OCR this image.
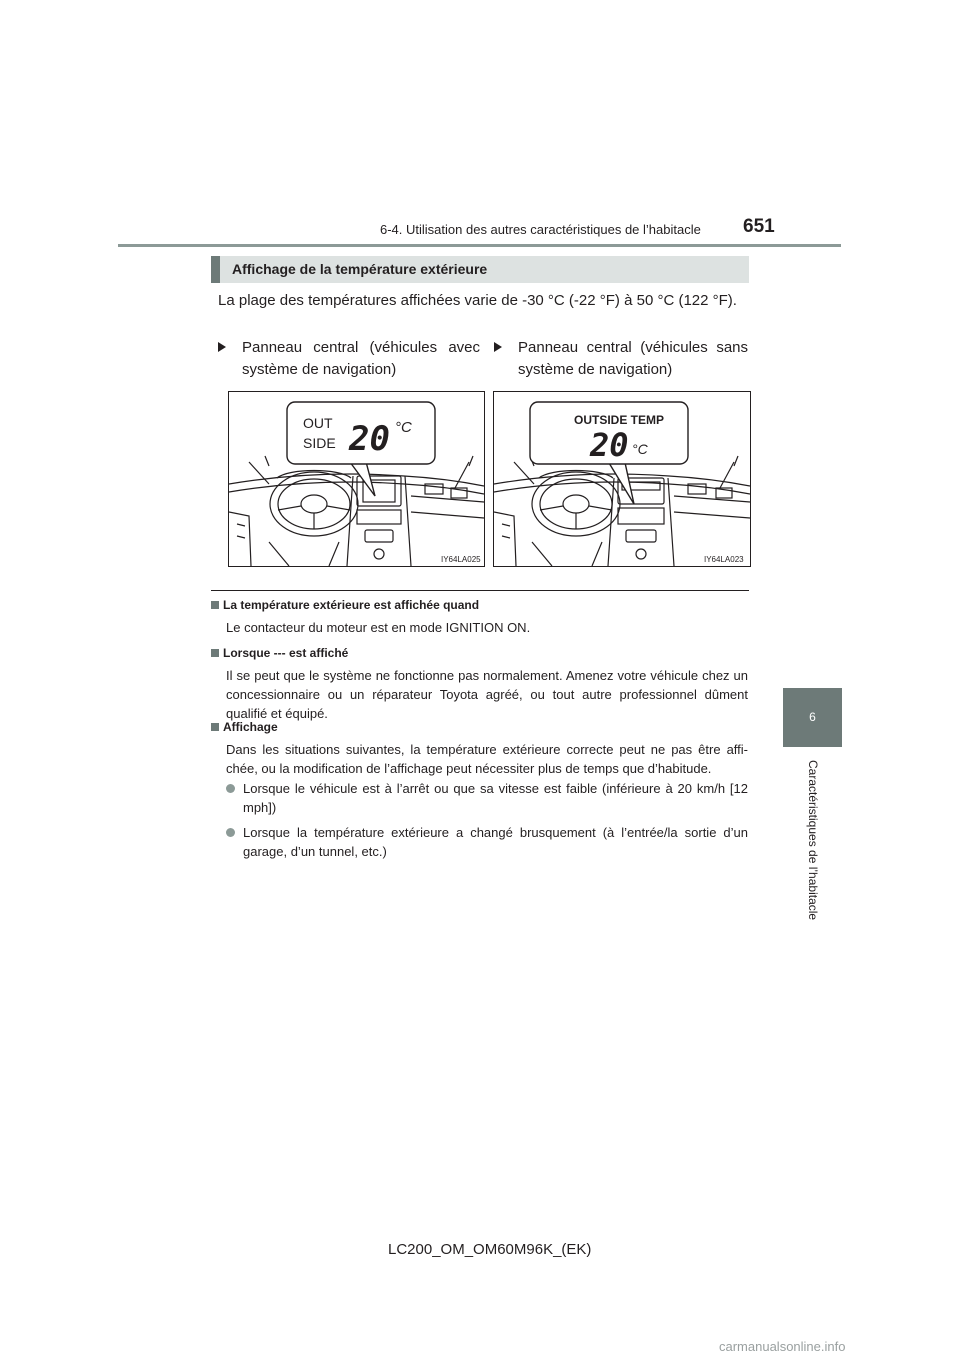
6-4. Utilisation des autres caractéristiques de l’habitacle 651
6
Caractéristiques de l’habitacle
Affichage de la température extérieure
La plage des températures affichées varie de -30 °C (-22 °F) à 50 °C (122 °F).
Panneau central (véhicules avec système de navigation)
Panneau central (véhicules sans système de navigation)
OUT
SIDE 20 °C
IY64LA025
OUTSIDE TEMP
20 °C
IY64LA023
La température extérieure est affichée quand
Le contacteur du moteur est en mode IGNITION ON.
Lorsque --- est affiché
Il se peut que le système ne fonctionne pas normalement. Amenez votre véhicule chez un concessionnaire ou un réparateur Toyota agréé, ou tout autre professionnel dûment qualifié et équipé.
Affichage
Dans les situations suivantes, la température extérieure correcte peut ne pas être affi- chée, ou la modification de l’affichage peut nécessiter plus de temps que d’habitude.
Lorsque le véhicule est à l’arrêt ou que sa vitesse est faible (inférieure à 20 km/h [12 mph])
Lorsque la température extérieure a changé brusquement (à l’entrée/la sortie d’un garage, d’un tunnel, etc.)
LC200_OM_OM60M96K_(EK)
carmanualsonline.info
